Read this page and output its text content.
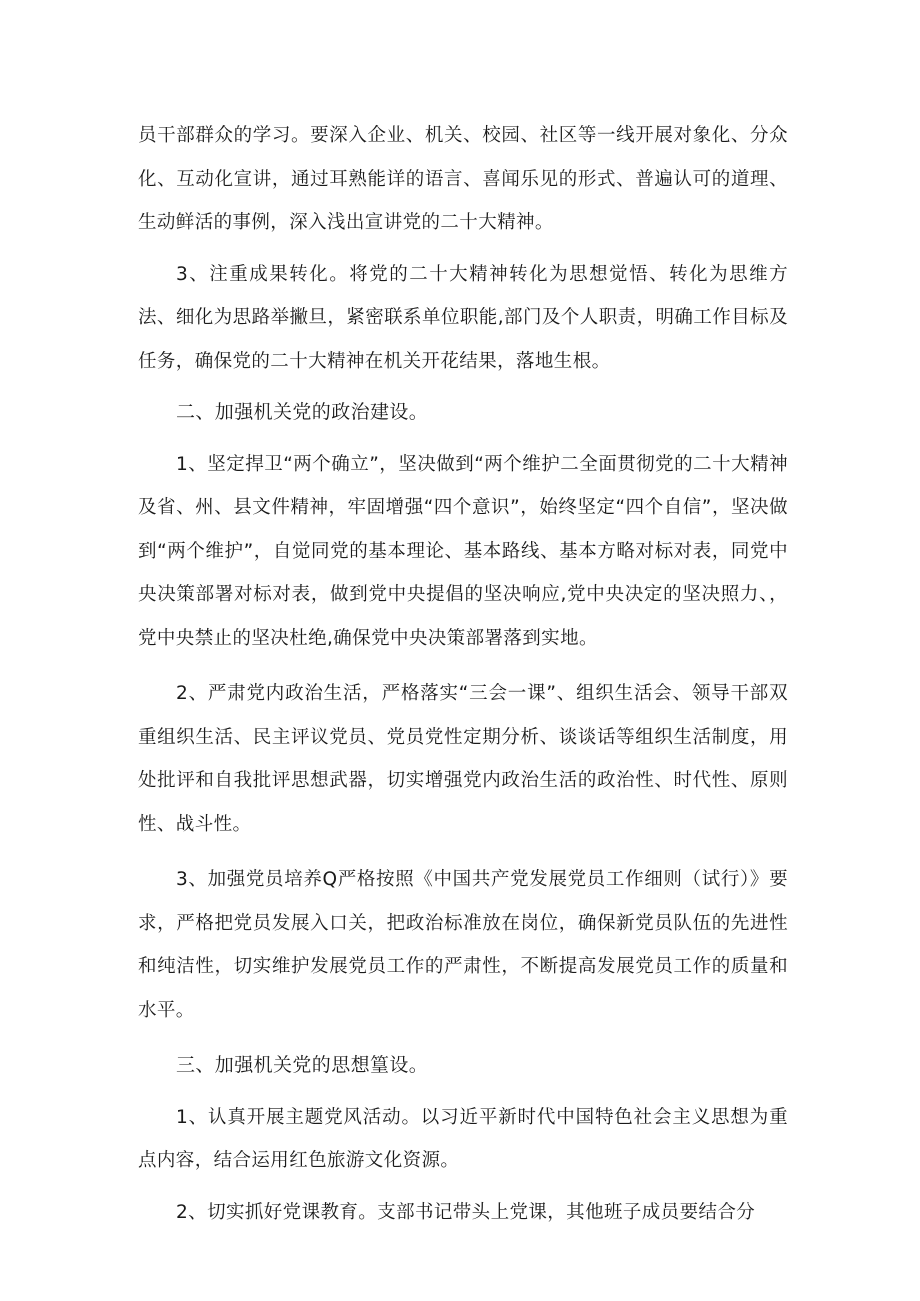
员干部群众的学习。要深入企业、机关、校园、社区等一线开展对象化、分众化、互动化宣讲，通过耳熟能详的语言、喜闻乐见的形式、普遍认可的道理、生动鲜活的事例，深入浅出宣讲党的二十大精神。

3、注重成果转化。将党的二十大精神转化为思想觉悟、转化为思维方法、细化为思路举撇旦，紧密联系单位职能,部门及个人职责，明确工作目标及任务，确保党的二十大精神在机关开花结果，落地生根。

二、加强机关党的政治建设。

1、坚定捍卫“两个确立”，坚决做到“两个维护二全面贯彻党的二十大精神及省、州、县文件精神，牢固增强“四个意识”，始终坚定“四个自信”，坚决做到“两个维护”，自觉同党的基本理论、基本路线、基本方略对标对表，同党中央决策部署对标对表，做到党中央提倡的坚决响应,党中央决定的坚决照力、，党中央禁止的坚决杜绝,确保党中央决策部署落到实地。

2、严肃党内政治生活，严格落实“三会一课”、组织生活会、领导干部双重组织生活、民主评议党员、党员党性定期分析、谈谈话等组织生活制度，用处批评和自我批评思想武器，切实增强党内政治生活的政治性、时代性、原则性、战斗性。

3、加强党员培养Q严格按照《中国共产党发展党员工作细则（试行）》要求，严格把党员发展入口关，把政治标准放在岗位，确保新党员队伍的先进性和纯洁性，切实维护发展党员工作的严肃性，不断提高发展党员工作的质量和水平。

三、加强机关党的思想篁设。

1、认真开展主题党风活动。以习近平新时代中国特色社会主义思想为重点内容，结合运用红色旅游文化资源。

2、切实抓好党课教育。支部书记带头上党课，其他班子成员要结合分
